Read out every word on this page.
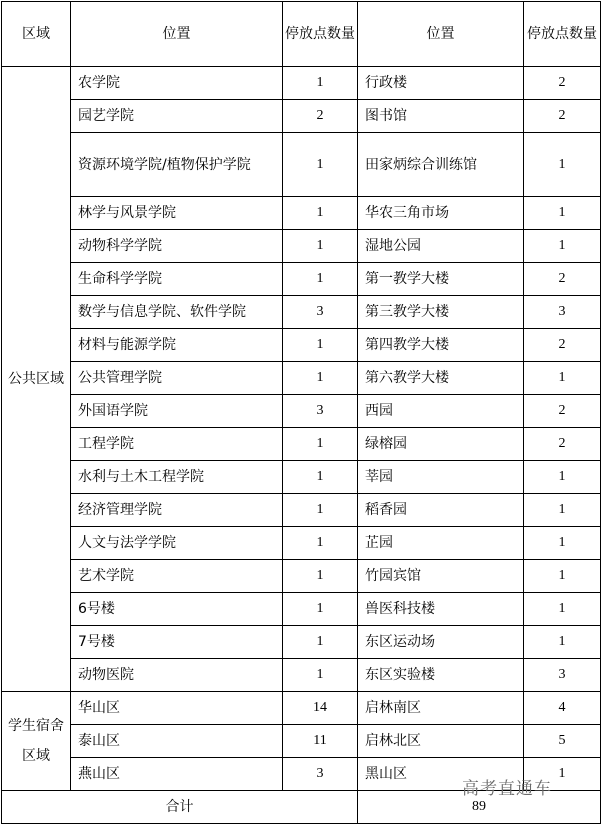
区域	位置	停放点数量	位置	停放点数量
公共区域	农学院	1	行政楼	2
	园艺学院	2	图书馆	2
	资源环境学院/植物保护学院	1	田家炳综合训练馆	1
	林学与风景学院	1	华农三角市场	1
	动物科学学院	1	湿地公园	1
	生命科学学院	1	第一教学大楼	2
	数学与信息学院、软件学院	3	第三教学大楼	3
	材料与能源学院	1	第四教学大楼	2
	公共管理学院	1	第六教学大楼	1
	外国语学院	3	西园	2
	工程学院	1	绿榕园	2
	水利与土木工程学院	1	莘园	1
	经济管理学院	1	稻香园	1
	人文与法学学院	1	芷园	1
	艺术学院	1	竹园宾馆	1
	6号楼	1	兽医科技楼	1
	7号楼	1	东区运动场	1
	动物医院	1	东区实验楼	3
学生宿舍区域	华山区	14	启林南区	4
	泰山区	11	启林北区	5
	燕山区	3	黑山区	1
合计			89	
高考直通车
